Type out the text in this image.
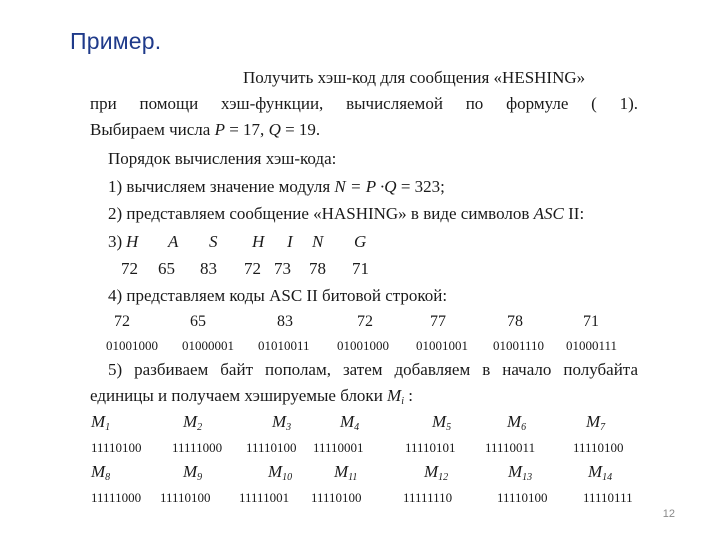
Пример.
Получить хэш-код для сообщения «HESHING»
при помощи хэш-функции, вычисляемой по формуле ( 1).
Выбираем числа P = 17, Q = 19.
Порядок вычисления хэш-кода:
1) вычисляем значение модуля N = P ·Q = 323;
2) представляем сообщение «HASHING» в виде символов ASC II:
3) H A S H I N G
72 65 83 72 73 78 71
4) представляем коды ASC II битовой строкой:
72	65	83	72	77	78	71
01001000 01000001 01010011 01001000 01001001 01001110 01000111
5) разбиваем байт пополам, затем добавляем в начало полубайта
единицы и получаем хэшируемые блоки $M_i$ :
$M_1$	$M_2$	$M_3$	$M_4$	$M_5$	$M_6$	$M_7$
11110100 11111000 11110100 11110001	11110101 11110011	11110100
$M_8$	$M_9$	$M_{10}$ $M_{11}$	$M_{12}$	$M_{13}$	$M_{14}$
11111000 11110100 11111001 11110100	11111110	11110100	11110111
12
